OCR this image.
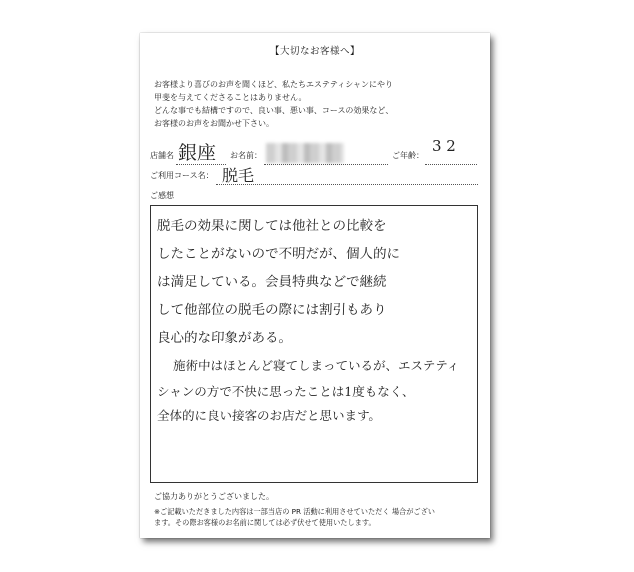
【大切なお客様へ】
お客様より喜びのお声を聞くほど、私たちエステティシャンにやり
甲斐を与えてくださることはありません。
どんな事でも結構ですので、良い事、悪い事、コースの効果など、
お客様のお声をお聞かせ下さい。
店舗名 銀座 お名前：	ご年齢：
3 2
ご利用コース名： 脱毛
ご感想
脱毛の効果に関しては他社との比較を
したことがないので不明だが、個人的に
は満足している。会員特典などで継続
して他部位の脱毛の際には割引もあり
良心的な印象がある。
施術中はほとんど寝てしまっているが、エステティ
シャンの方で不快に思ったことは1度もなく、
全体的に良い接客のお店だと思います。
ご協力ありがとうございました。
※ご記載いただきました内容は一部当店の PR 活動に利用させていただく 場合がござい
ます。その際お客様のお名前に関しては必ず伏せて使用いたします。
